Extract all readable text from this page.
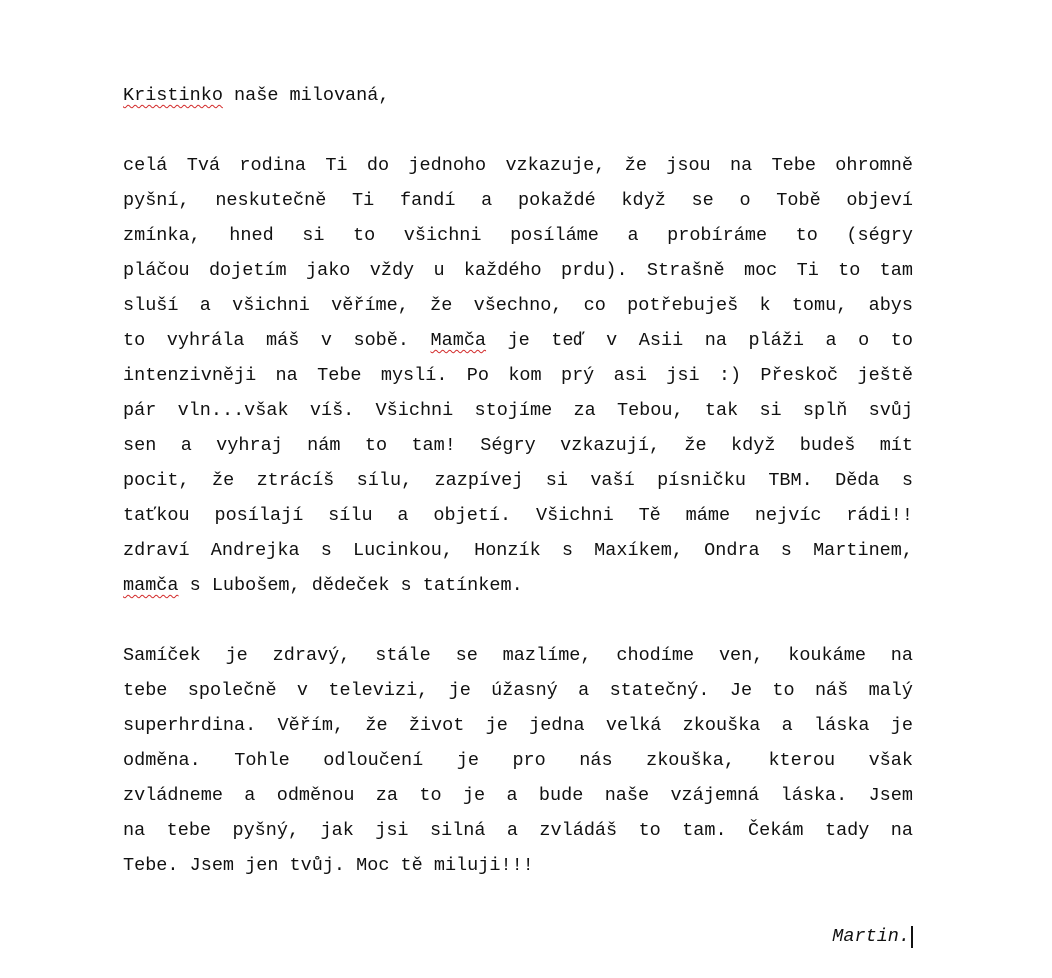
Kristinko naše milovaná,
celá Tvá rodina Ti do jednoho vzkazuje, že jsou na Tebe ohromně
pyšní, neskutečně Ti fandí a pokaždé když se o Tobě objeví
zmínka, hned si to všichni posíláme a probíráme to (ségry
pláčou dojetím jako vždy u každého prdu). Strašně moc Ti to tam
sluší a všichni věříme, že všechno, co potřebuješ k tomu, abys
to vyhrála máš v sobě. Mamča je teď v Asii na pláži a o to
intenzivněji na Tebe myslí. Po kom prý asi jsi :) Přeskoč ještě
pár vln...však víš. Všichni stojíme za Tebou, tak si splň svůj
sen a vyhraj nám to tam! Ségry vzkazují, že když budeš mít
pocit, že ztrácíš sílu, zazpívej si vaší písničku TBM. Děda s
taťkou posílají sílu a objetí. Všichni Tě máme nejvíc rádi!!
zdraví Andrejka s Lucinkou, Honzík s Maxíkem, Ondra s Martinem,
mamča s Lubošem, dědeček s tatínkem.
Samíček je zdravý, stále se mazlíme, chodíme ven, koukáme na
tebe společně v televizi, je úžasný a statečný. Je to náš malý
superhrdina. Věřím, že život je jedna velká zkouška a láska je
odměna. Tohle odloučení je pro nás zkouška, kterou však
zvládneme a odměnou za to je a bude naše vzájemná láska. Jsem
na tebe pyšný, jak jsi silná a zvládáš to tam. Čekám tady na
Tebe. Jsem jen tvůj. Moc tě miluji!!!
Martin.
